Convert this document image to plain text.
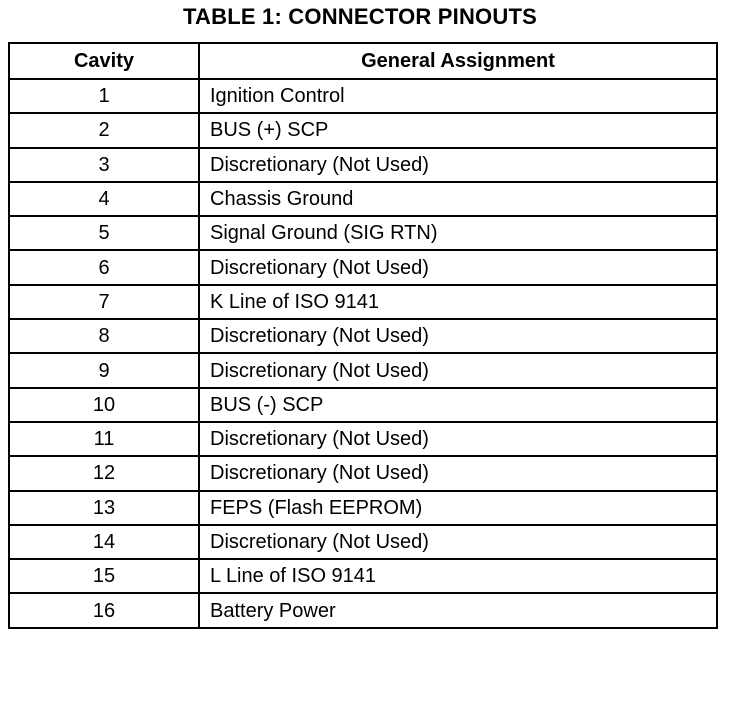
TABLE 1: CONNECTOR PINOUTS
Cavity	General Assignment
1	Ignition Control
2	BUS (+) SCP
3	Discretionary (Not Used)
4	Chassis Ground
5	Signal Ground (SIG RTN)
6	Discretionary (Not Used)
7	K Line of ISO 9141
8	Discretionary (Not Used)
9	Discretionary (Not Used)
10	BUS (-) SCP
11	Discretionary (Not Used)
12	Discretionary (Not Used)
13	FEPS (Flash EEPROM)
14	Discretionary (Not Used)
15	L Line of ISO 9141
16	Battery Power
